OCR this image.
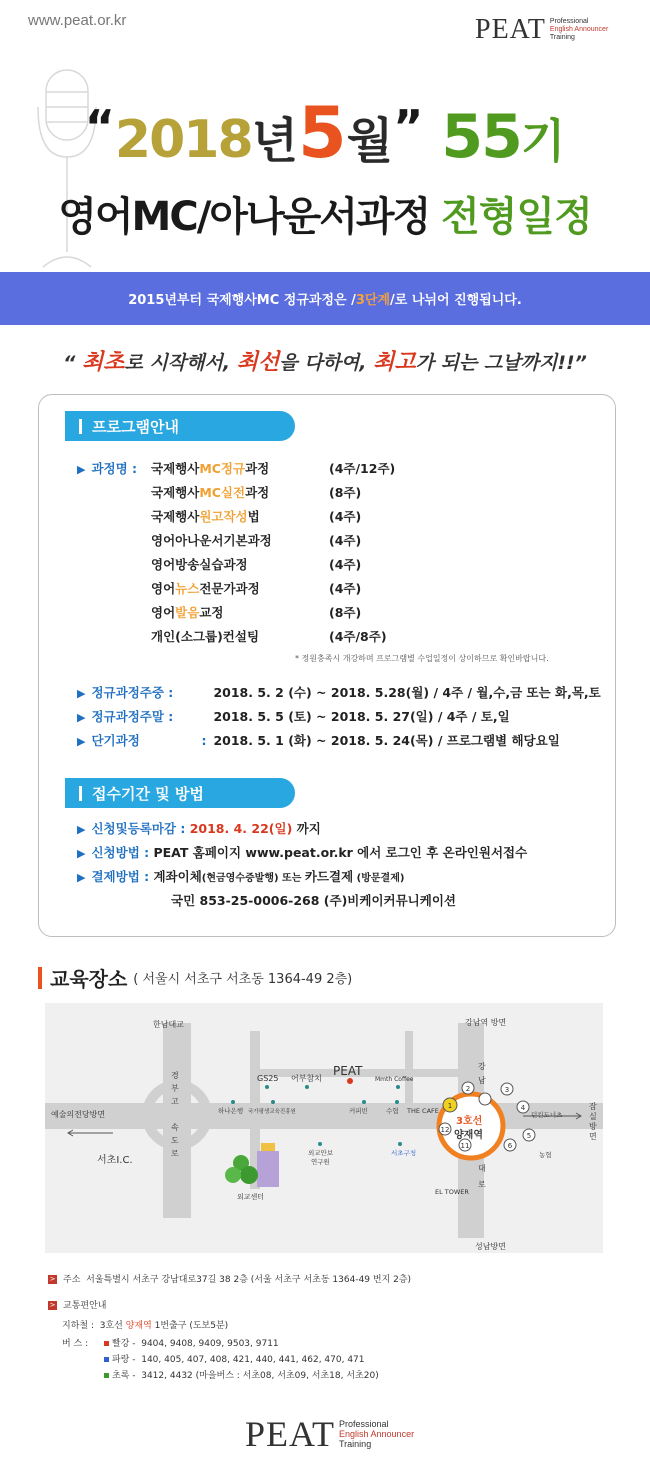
www.peat.or.kr	PEAT Professional
English Announcer
Training
“2018년5월” 55기
영어MC/아나운서과정 전형일정
2015년부터 국제행사MC 정규과정은 / 3단계 /로 나뉘어 진행됩니다.
“ 최초로 시작해서, 최선을 다하여, 최고가 되는 그날까지!!”
프로그램안내
▶ 과정명 : 국제행사MC정규과정	(4주/12주)
국제행사MC실전과정	(8주)
국제행사원고작성법	(4주)
영어아나운서기본과정	(4주)
영어방송실습과정	(4주)
영어뉴스전문가과정	(4주)
영어발음교정	(8주)
개인(소그룹)컨설팅	(4주/8주)
* 정원충족시 개강하며 프로그램별 수업일정이 상이하므로 확인바랍니다.
▶ 정규과정주중 :	2018. 5. 2 (수) ~ 2018. 5.28(월) / 4주 / 월,수,금 또는 화,목,토
▶ 정규과정주말 :	2018. 5. 5 (토) ~ 2018. 5. 27(일) / 4주 / 토,일
▶ 단기과정	: 2018. 5. 1 (화) ~ 2018. 5. 24(목) / 프로그램별 해당요일
접수기간 및 방법
▶ 신청및등록마감 : 2018. 4. 22(일) 까지
▶ 신청방법 : PEAT 홈페이지 www.peat.or.kr 에서 로그인 후 온라인원서접수
▶ 결제방법 : 계좌이체(현금영수증발행) 또는 카드결제 (방문결제)
국민 853-25-0006-268 (주)비케이커뮤니케이션
교육장소 ( 서울시 서초구 서초동 1364-49 2층)
1
2	3
4
5
6
11
12
한남대교	강남역 방면
성남방면
예술의전당방면
잠
실
방
면
경
부
고
속
도
로
서초I.C.
GS25 어부참치
PEAT
Mmth Coffee
하나은행 국가평생교육진흥원	커피빈	수협 THE CAFE
외교안보
연구원
서초구청
외교센터
3호선
양재역
강
남
대
로
던킨도너츠
농협
EL TOWER
> 주소 서울특별시 서초구 강남대로37길 38 2층 (서울 서초구 서초동 1364-49 번지 2층)
> 교통편안내
지하철 : 3호선 양재역 1번출구 (도보5분)
버 스 :	빨강 - 9404, 9408, 9409, 9503, 9711
파랑 - 140, 405, 407, 408, 421, 440, 441, 462, 470, 471
초록 - 3412, 4432 (마을버스 : 서초08, 서초09, 서초18, 서초20)
PEAT Professional
English Announcer
Training
